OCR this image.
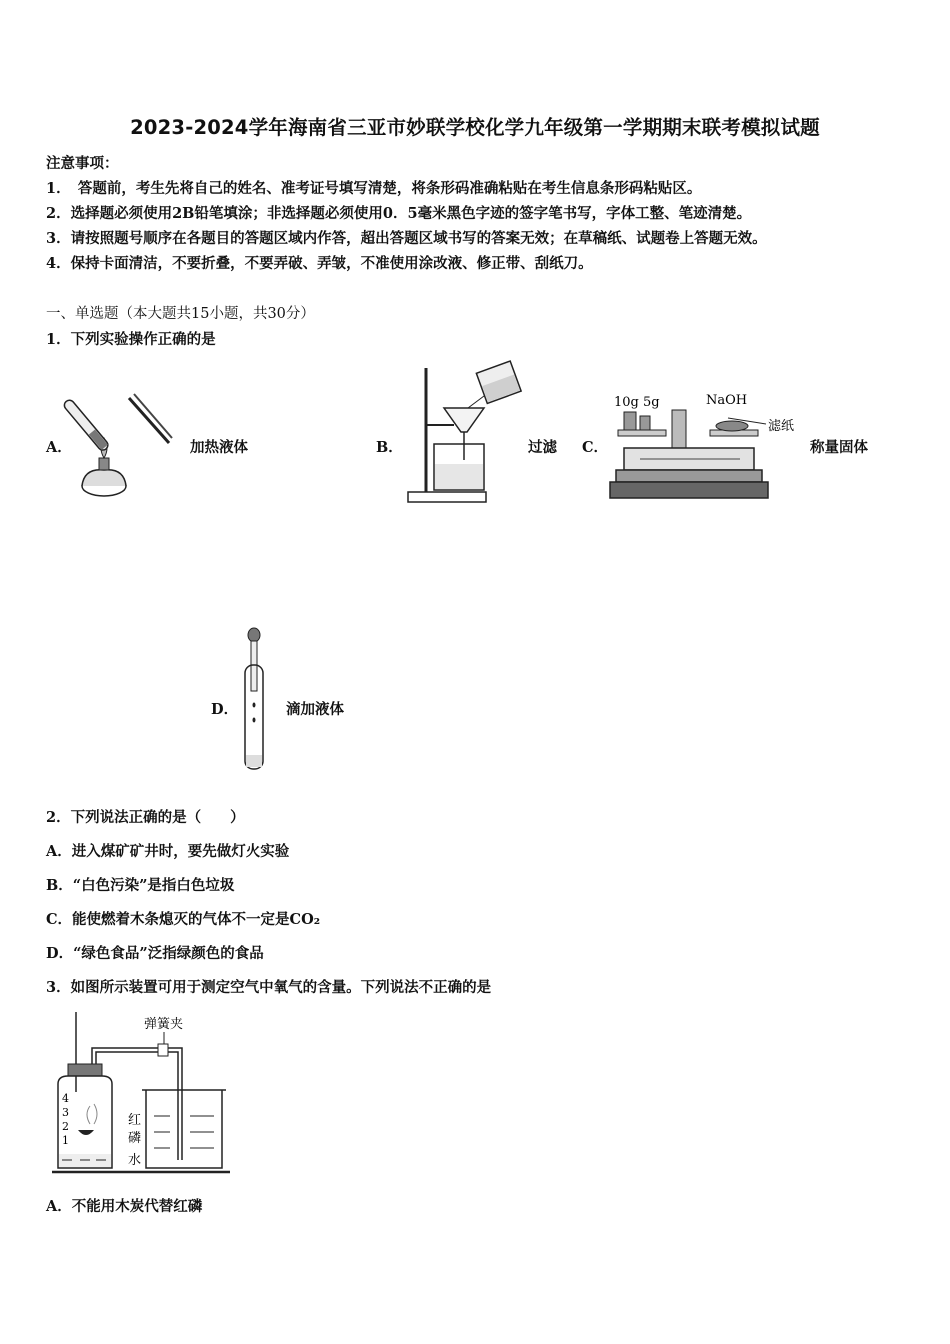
2023-2024学年海南省三亚市妙联学校化学九年级第一学期期末联考模拟试题
注意事项：
1．　答题前，考生先将自己的姓名、准考证号填写清楚，将条形码准确粘贴在考生信息条形码粘贴区。
2．选择题必须使用2B铅笔填涂；非选择题必须使用0．5毫米黑色字迹的签字笔书写，字体工整、笔迹清楚。
3．请按照题号顺序在各题目的答题区域内作答，超出答题区域书写的答案无效；在草稿纸、试题卷上答题无效。
4．保持卡面清洁，不要折叠，不要弄破、弄皱，不准使用涂改液、修正带、刮纸刀。
一、单选题（本大题共15小题，共30分）
1．下列实验操作正确的是
A．	加热液体	B．	过滤 C．
10g 5g	NaOH
滤纸
称量固体
D．	滴加液体
2．下列说法正确的是（　　）
A．进入煤矿矿井时，要先做灯火实验
B．“白色污染”是指白色垃圾
C．能使燃着木条熄灭的气体不一定是CO₂
D．“绿色食品”泛指绿颜色的食品
3．如图所示装置可用于测定空气中氧气的含量。下列说法不正确的是
弹簧夹
4
3
2
1
红
磷
水
A．不能用木炭代替红磷
